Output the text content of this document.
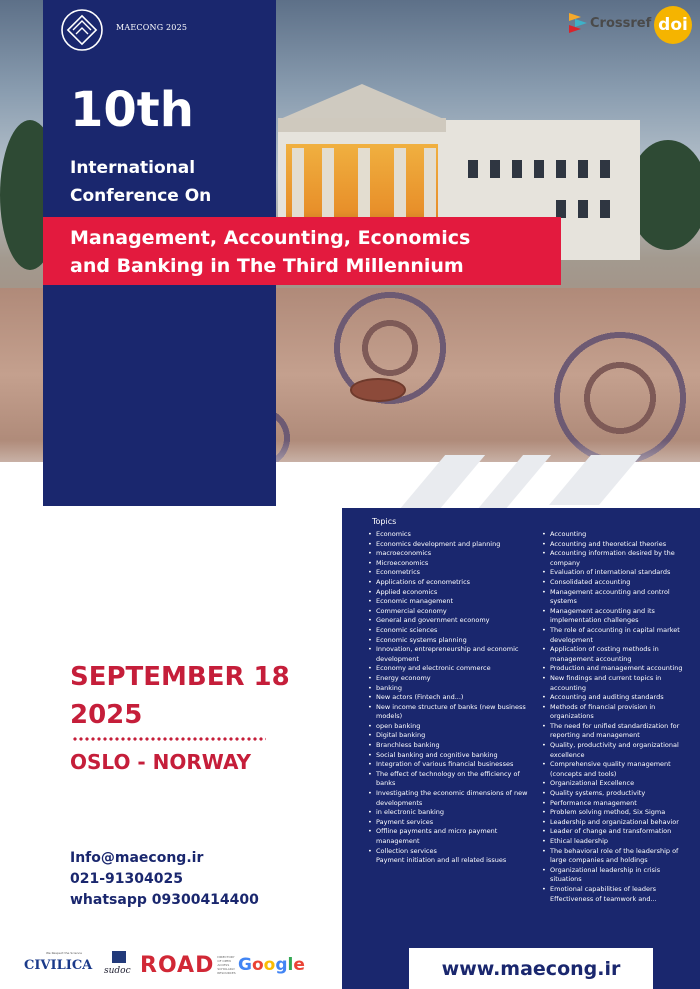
MAECONG 2025
10th
International
Conference On
Management, Accounting, Economics
and Banking in The Third Millennium
Crossref doi
SEPTEMBER 18
2025
OSLO - NORWAY
Info@maecong.ir
021-91304025
whatsapp 09300414400
Topics
• Economics
• Economics development and planning
• macroeconomics
• Microeconomics
• Econometrics
• Applications of econometrics
• Applied economics
• Economic management
• Commercial economy
• General and government economy
• Economic sciences
• Economic systems planning
• Innovation, entrepreneurship and economic development
• Economy and electronic commerce
• Energy economy
• banking
• New actors (Fintech and...)
• New income structure of banks (new business models)
• open banking
• Digital banking
• Branchless banking
• Social banking and cognitive banking
• Integration of various financial businesses
• The effect of technology on the efficiency of banks
• Investigating the economic dimensions of new developments
• in electronic banking
• Payment services
• Offline payments and micro payment management
• Collection services
Payment initiation and all related issues
• Accounting
• Accounting and theoretical theories
• Accounting information desired by the company
• Evaluation of international standards
• Consolidated accounting
• Management accounting and control systems
• Management accounting and its implementation challenges
• The role of accounting in capital market development
• Application of costing methods in management accounting
• Production and management accounting
• New findings and current topics in accounting
• Accounting and auditing standards
• Methods of financial provision in organizations
• The need for unified standardization for reporting and management
• Quality, productivity and organizational excellence
• Comprehensive quality management (concepts and tools)
• Organizational Excellence
• Quality systems, productivity
• Performance management
• Problem solving method, Six Sigma
• Leadership and organizational behavior
• Leader of change and transformation
• Ethical leadership
• The behavioral role of the leadership of large companies and holdings
• Organizational leadership in crisis situations
• Emotional capabilities of leaders
Effectiveness of teamwork and...
www.maecong.ir
We Respect the Science
CIVILICA sudoc ROAD DIRECTORY OF OPEN ACCESS SCHOLARLY RESOURCES Google
